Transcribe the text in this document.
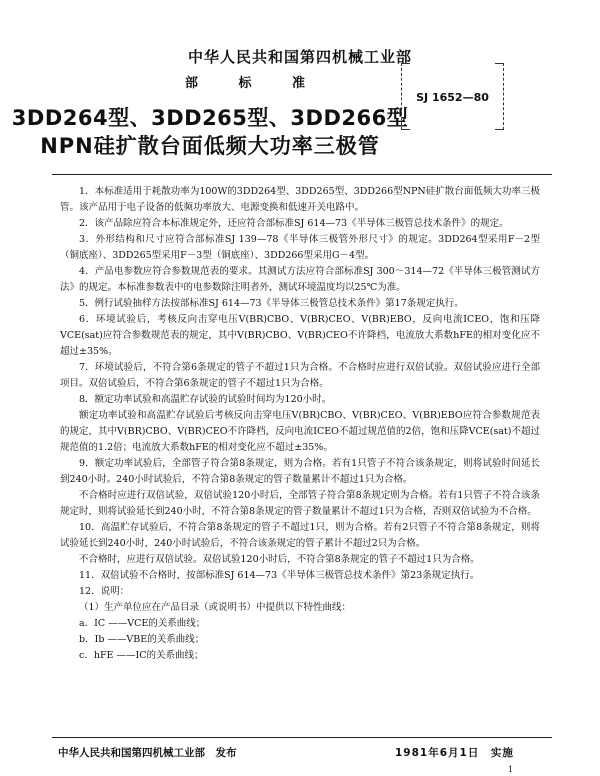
中华人民共和国第四机械工业部
部	标	准
3DD264型、3DD265型、3DD266型
NPN硅扩散台面低频大功率三极管
SJ 1652—80

1．本标准适用于耗散功率为100W的3DD264型、3DD265型、3DD266型NPN硅扩散台面低频大功率三极管。该产品用于电子设备的低频功率放大、电源变换和低速开关电路中。

2．该产品除应符合本标准规定外，还应符合部标准SJ 614—73《半导体三极管总技术条件》的规定。

3．外形结构和尺寸应符合部标准SJ 139—78《半导体三极管外形尺寸》的规定。3DD264型采用F－2型（铜底座）、3DD265型采用F－3型（铜底座）、3DD266型采用G－4型。

4．产品电参数应符合参数规范表的要求。其测试方法应符合部标准SJ 300～314—72《半导体三极管测试方法》的规定。本标准参数表中的电参数除注明者外，测试环境温度均以25℃为准。

5．例行试验抽样方法按部标准SJ 614—73《半导体三极管总技术条件》第17条规定执行。

6．环境试验后，考核反向击穿电压V(BR)CBO、V(BR)CEO、V(BR)EBO，反向电流ICEO，饱和压降VCE(sat)应符合参数规范表的规定，其中V(BR)CBO、V(BR)CEO不许降档，电流放大系数hFE的相对变化应不超过±35%。

7．环境试验后，不符合第6条规定的管子不超过1只为合格。不合格时应进行双倍试验。双倍试验应进行全部项目。双倍试验后，不符合第6条规定的管子不超过1只为合格。

8．额定功率试验和高温贮存试验的试验时间均为120小时。

额定功率试验和高温贮存试验后考核反向击穿电压V(BR)CBO、V(BR)CEO、V(BR)EBO应符合参数规范表的规定，其中V(BR)CBO、V(BR)CEO不许降档，反向电流ICEO不超过规范值的2倍，饱和压降VCE(sat)不超过规范值的1.2倍；电流放大系数hFE的相对变化应不超过±35%。

9．额定功率试验后，全部管子符合第8条规定，则为合格。若有1只管子不符合该条规定，则将试验时间延长到240小时。240小时试验后，不符合第8条规定的管子数量累计不超过1只为合格。

不合格时应进行双倍试验，双倍试验120小时后，全部管子符合第8条规定则为合格。若有1只管子不符合该条规定时，则将试验延长到240小时，不符合第8条规定的管子数量累计不超过1只为合格，否则双倍试验为不合格。

10．高温贮存试验后，不符合第8条规定的管子不超过1只，则为合格。若有2只管子不符合第8条规定，则将试验延长到240小时，240小时试验后，不符合该条规定的管子累计不超过2只为合格。

不合格时，应进行双倍试验。双倍试验120小时后，不符合第8条规定的管子不超过1只为合格。

11．双倍试验不合格时，按部标准SJ 614—73《半导体三极管总技术条件》第23条规定执行。

12．说明：

（1）生产单位应在产品目录（或说明书）中提供以下特性曲线：

a．IC ——VCE的关系曲线；

b．Ib ——VBE的关系曲线；

c．hFE ——IC的关系曲线；

中华人民共和国第四机械工业部　发布	1981年6月1日　实施
1
